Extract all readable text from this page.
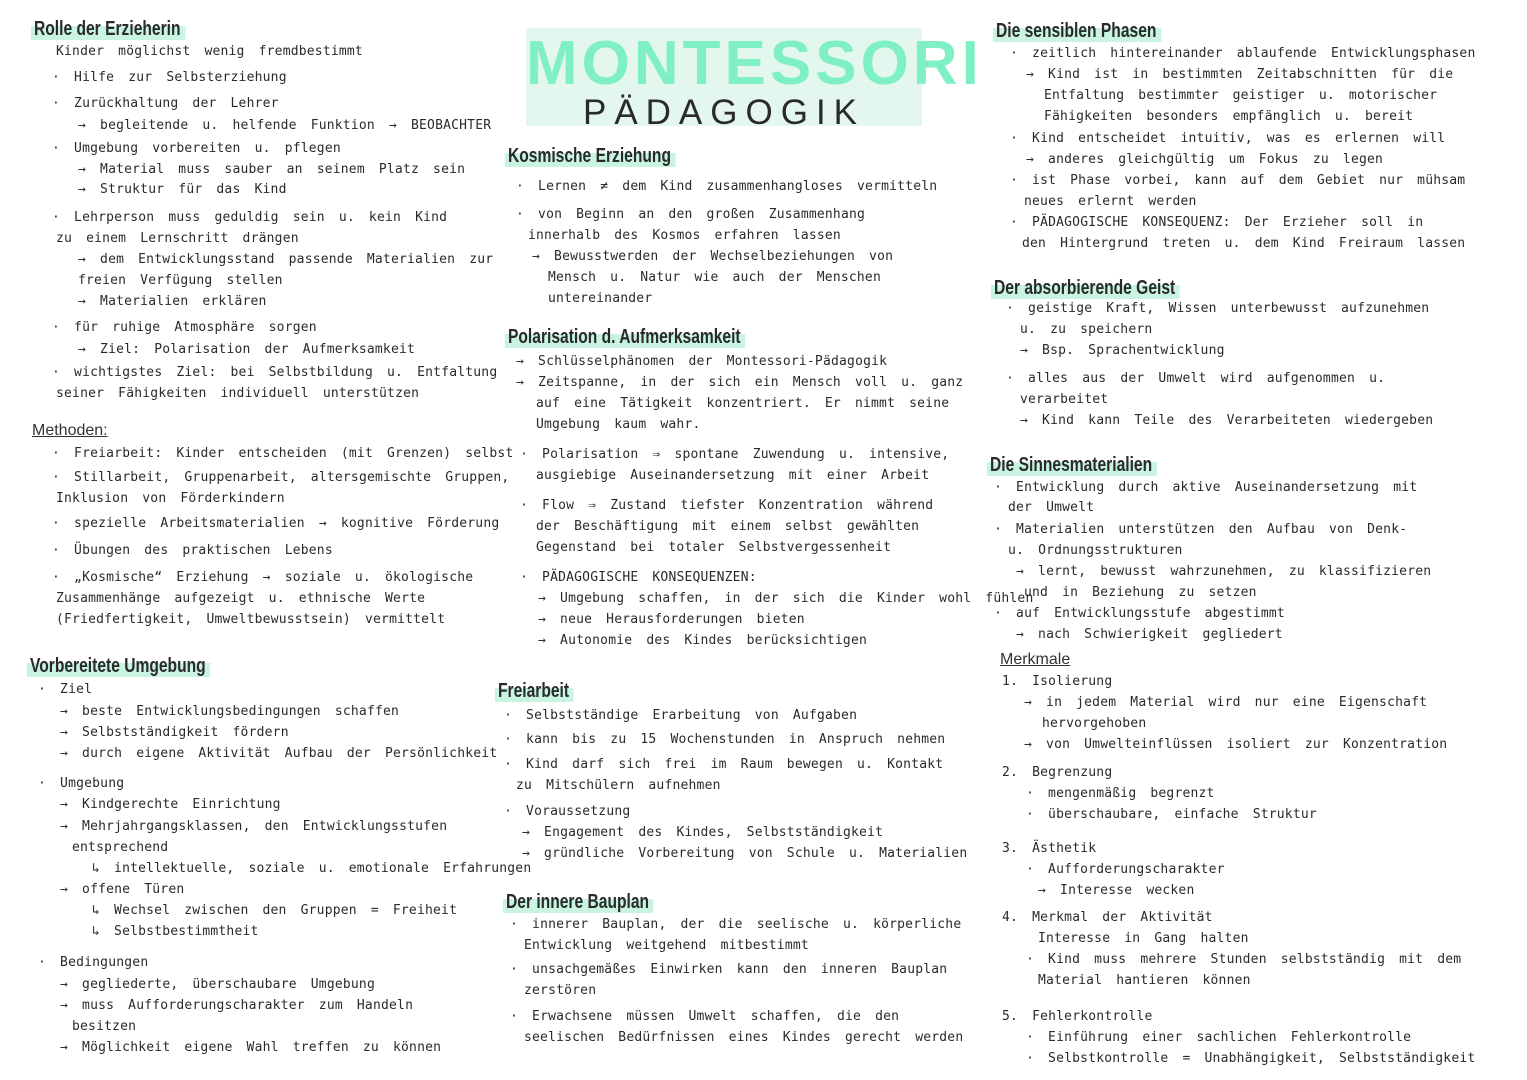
MONTESSORI
PÄDAGOGIK
Rolle der Erzieherin
Kinder möglichst wenig fremdbestimmt
· Hilfe zur Selbsterziehung
· Zurückhaltung der Lehrer
→ begleitende u. helfende Funktion → BEOBACHTER
· Umgebung vorbereiten u. pflegen
→ Material muss sauber an seinem Platz sein
→ Struktur für das Kind
· Lehrperson muss geduldig sein u. kein Kind
zu einem Lernschritt drängen
→ dem Entwicklungsstand passende Materialien zur
freien Verfügung stellen
→ Materialien erklären
· für ruhige Atmosphäre sorgen
→ Ziel: Polarisation der Aufmerksamkeit
· wichtigstes Ziel: bei Selbstbildung u. Entfaltung
seiner Fähigkeiten individuell unterstützen
Methoden:
· Freiarbeit: Kinder entscheiden (mit Grenzen) selbst
· Stillarbeit, Gruppenarbeit, altersgemischte Gruppen,
Inklusion von Förderkindern
· spezielle Arbeitsmaterialien → kognitive Förderung
· Übungen des praktischen Lebens
· „Kosmische“ Erziehung → soziale u. ökologische
Zusammenhänge aufgezeigt u. ethnische Werte
(Friedfertigkeit, Umweltbewusstsein) vermittelt
Vorbereitete Umgebung
· Ziel
→ beste Entwicklungsbedingungen schaffen
→ Selbstständigkeit fördern
→ durch eigene Aktivität Aufbau der Persönlichkeit
· Umgebung
→ Kindgerechte Einrichtung
→ Mehrjahrgangsklassen, den Entwicklungsstufen
entsprechend
↳ intellektuelle, soziale u. emotionale Erfahrungen
→ offene Türen
↳ Wechsel zwischen den Gruppen = Freiheit
↳ Selbstbestimmtheit
· Bedingungen
→ gegliederte, überschaubare Umgebung
→ muss Aufforderungscharakter zum Handeln
besitzen
→ Möglichkeit eigene Wahl treffen zu können
Kosmische Erziehung
· Lernen ≠ dem Kind zusammenhangloses vermitteln
· von Beginn an den großen Zusammenhang
innerhalb des Kosmos erfahren lassen
→ Bewusstwerden der Wechselbeziehungen von
Mensch u. Natur wie auch der Menschen
untereinander
Polarisation d. Aufmerksamkeit
→ Schlüsselphänomen der Montessori-Pädagogik
→ Zeitspanne, in der sich ein Mensch voll u. ganz
auf eine Tätigkeit konzentriert. Er nimmt seine
Umgebung kaum wahr.
· Polarisation ⇒ spontane Zuwendung u. intensive,
ausgiebige Auseinandersetzung mit einer Arbeit
· Flow ⇒ Zustand tiefster Konzentration während
der Beschäftigung mit einem selbst gewählten
Gegenstand bei totaler Selbstvergessenheit
· PÄDAGOGISCHE KONSEQUENZEN:
→ Umgebung schaffen, in der sich die Kinder wohl fühlen
→ neue Herausforderungen bieten
→ Autonomie des Kindes berücksichtigen
Freiarbeit
· Selbstständige Erarbeitung von Aufgaben
· kann bis zu 15 Wochenstunden in Anspruch nehmen
· Kind darf sich frei im Raum bewegen u. Kontakt
zu Mitschülern aufnehmen
· Voraussetzung
→ Engagement des Kindes, Selbstständigkeit
→ gründliche Vorbereitung von Schule u. Materialien
Der innere Bauplan
· innerer Bauplan, der die seelische u. körperliche
Entwicklung weitgehend mitbestimmt
· unsachgemäßes Einwirken kann den inneren Bauplan
zerstören
· Erwachsene müssen Umwelt schaffen, die den
seelischen Bedürfnissen eines Kindes gerecht werden
Die sensiblen Phasen
· zeitlich hintereinander ablaufende Entwicklungsphasen
→ Kind ist in bestimmten Zeitabschnitten für die
Entfaltung bestimmter geistiger u. motorischer
Fähigkeiten besonders empfänglich u. bereit
· Kind entscheidet intuitiv, was es erlernen will
→ anderes gleichgültig um Fokus zu legen
· ist Phase vorbei, kann auf dem Gebiet nur mühsam
neues erlernt werden
· PÄDAGOGISCHE KONSEQUENZ: Der Erzieher soll in
den Hintergrund treten u. dem Kind Freiraum lassen
Der absorbierende Geist
· geistige Kraft, Wissen unterbewusst aufzunehmen
u. zu speichern
→ Bsp. Sprachentwicklung
· alles aus der Umwelt wird aufgenommen u.
verarbeitet
→ Kind kann Teile des Verarbeiteten wiedergeben
Die Sinnesmaterialien
· Entwicklung durch aktive Auseinandersetzung mit
der Umwelt
· Materialien unterstützen den Aufbau von Denk-
u. Ordnungsstrukturen
→ lernt, bewusst wahrzunehmen, zu klassifizieren
und in Beziehung zu setzen
· auf Entwicklungsstufe abgestimmt
→ nach Schwierigkeit gegliedert
Merkmale
1. Isolierung
→ in jedem Material wird nur eine Eigenschaft
hervorgehoben
→ von Umwelteinflüssen isoliert zur Konzentration
2. Begrenzung
· mengenmäßig begrenzt
· überschaubare, einfache Struktur
3. Ästhetik
· Aufforderungscharakter
→ Interesse wecken
4. Merkmal der Aktivität
Interesse in Gang halten
· Kind muss mehrere Stunden selbstständig mit dem
Material hantieren können
5. Fehlerkontrolle
· Einführung einer sachlichen Fehlerkontrolle
· Selbstkontrolle = Unabhängigkeit, Selbstständigkeit
